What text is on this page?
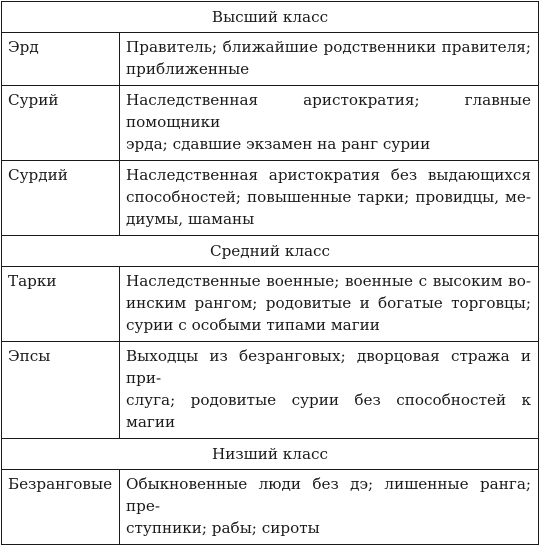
Высший класс	
Эрд	Правитель; ближайшие родственники правителя;
приближенные

Сурий	Наследственная аристократия; главные помощники
эрда; сдавшие экзамен на ранг сурии

Сурдий	Наследственная аристократия без выдающихся
способностей; повышенные тарки; провидцы, ме-
диумы, шаманы

Средний класс	
Тарки	Наследственные военные; военные с высоким во-
инским рангом; родовитые и богатые торговцы;
сурии с особыми типами магии

Эпсы	Выходцы из безранговых; дворцовая стража и при-
слуга; родовитые сурии без способностей к магии

Низший класс	
Безранговые	Обыкновенные люди без дэ; лишенные ранга; пре-
ступники; рабы; сироты
